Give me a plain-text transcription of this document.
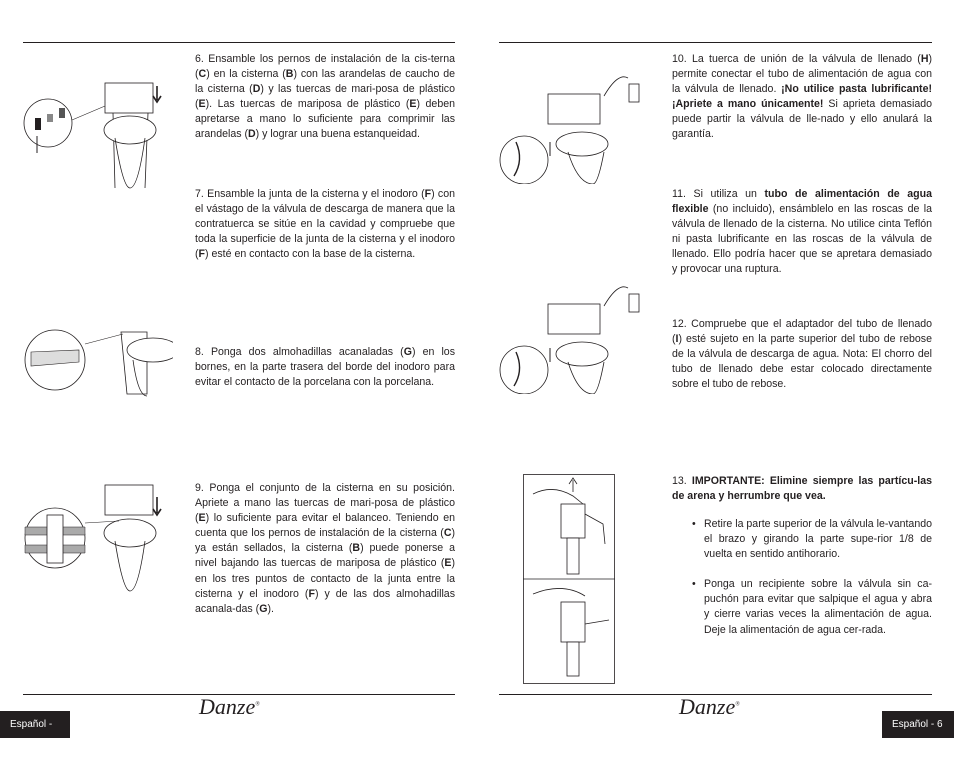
6. Ensamble los pernos de instalación de la cis-terna (C) en la cisterna (B) con las arandelas de caucho de la cisterna (D) y las tuercas de mari-posa de plástico (E). Las tuercas de mariposa de plástico (E) deben apretarse a mano lo suficiente para comprimir las arandelas (D) y lograr una buena estanqueidad.
7. Ensamble la junta de la cisterna y el inodoro (F) con el vástago de la válvula de descarga de manera que la contratuerca se sitúe en la cavidad y compruebe que toda la superficie de la junta de la cisterna y el inodoro (F) esté en contacto con la base de la cisterna.
8. Ponga dos almohadillas acanaladas (G) en los bornes, en la parte trasera del borde del inodoro para evitar el contacto de la porcelana con la porcelana.
9. Ponga el conjunto de la cisterna en su posición. Apriete a mano las tuercas de mari-posa de plástico (E) lo suficiente para evitar el balanceo. Teniendo en cuenta que los pernos de instalación de la cisterna (C) ya están sellados, la cisterna (B) puede ponerse a nivel bajando las tuercas de mariposa de plástico (E) en los tres puntos de contacto de la junta entre la cisterna y el inodoro (F) y de las dos almohadillas acanala-das (G).
Español - 5
Danze®
10. La tuerca de unión de la válvula de llenado (H) permite conectar el tubo de alimentación de agua con la válvula de llenado. ¡No utilice pasta lubrificante! ¡Apriete a mano únicamente! Si aprieta demasiado puede partir la válvula de lle-nado y ello anulará la garantía.
11. Si utiliza un tubo de alimentación de agua flexible (no incluido), ensámblelo en las roscas de la válvula de llenado de la cisterna. No utilice cinta Teflón ni pasta lubrificante en las roscas de la válvula de llenado. Ello podría hacer que se apretara demasiado y provocar una ruptura.
12. Compruebe que el adaptador del tubo de llenado (I) esté sujeto en la parte superior del tubo de rebose de la válvula de descarga de agua. Nota: El chorro del tubo de llenado debe estar colocado directamente sobre el tubo de rebose.
13. IMPORTANTE: Elimine siempre las partícu-las de arena y herrumbre que vea.
• Retire la parte superior de la válvula le-vantando el brazo y girando la parte supe-rior 1/8 de vuelta en sentido antihorario.
• Ponga un recipiente sobre la válvula sin ca-puchón para evitar que salpique el agua y abra y cierre varias veces la alimentación de agua. Deje la alimentación de agua cer-rada.
Danze®
Español - 6
